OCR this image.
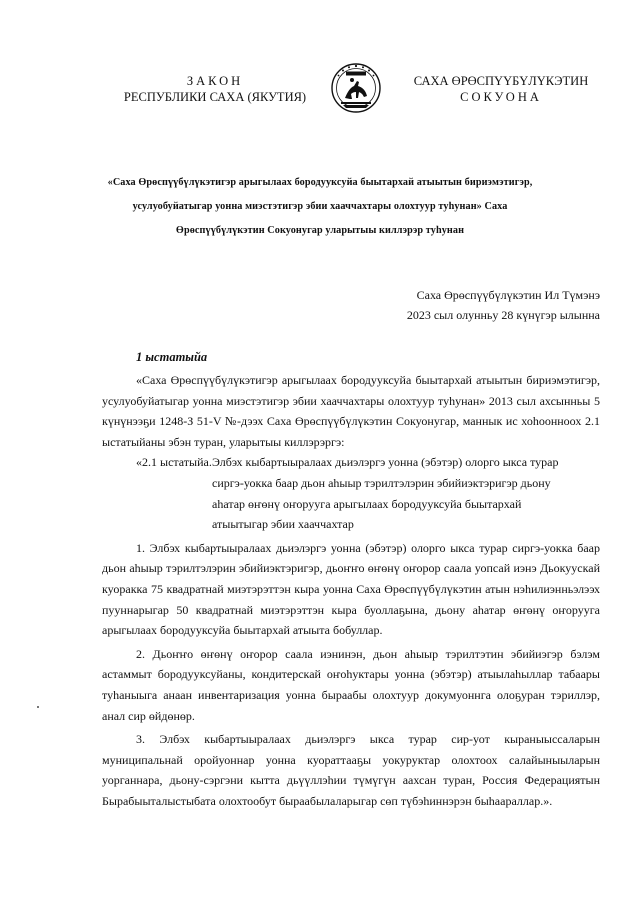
ЗАКОН
РЕСПУБЛИКИ САХА (ЯКУТИЯ)
САХА ӨРӨСПҮҮБҮЛҮКЭТИН
СОКУОНА
«Саха Өрөспүүбүлүкэтигэр арыгылаах бородууксуйа быытархай атыытын бириэмэтигэр, усулуобуйатыгар уонна миэстэтигэр эбии хааччахтары олохтуур туһунан» Саха Өрөспүүбүлүкэтин Сокуонугар уларытыы киллэрэр туһунан
Саха Өрөспүүбүлүкэтин Ил Түмэнэ
2023 сыл олунньу 28 күнүгэр ылынна
1 ыстатыйа

«Саха Өрөспүүбүлүкэтигэр арыгылаах бородууксуйа быытархай атыытын бириэмэтигэр, усулуобуйатыгар уонна миэстэтигэр эбии хааччахтары олохтуур туһунан» 2013 сыл ахсынньы 5 күнүнээҕи 1248-З 51-V №-дээх Саха Өрөспүүбүлүкэтин Сокуонугар, маннык ис хоһоонноох 2.1 ыстатыйаны эбэн туран, уларытыы киллэрэргэ:

«2.1 ыстатыйа. Элбэх кыбартыыралаах дьиэлэргэ уонна (эбэтэр) олорго ыкса турар
сиргэ-уокка баар дьон аһыыр тэрилтэлэрин эбийиэктэригэр дьону
аһатар өҥөнү оҥорууга арыгылаах бородууксуйа быытархай
атыытыгар эбии хааччахтар

1. Элбэх кыбартыыралаах дьиэлэргэ уонна (эбэтэр) олорго ыкса турар сиргэ-уокка баар дьон аһыыр тэрилтэлэрин эбийиэктэригэр, дьоҥҥо өҥөнү оҥорор саала уопсай иэнэ Дьокуускай куоракка 75 квадратнай миэтэрэттэн кыра уонна Саха Өрөспүүбүлүкэтин атын нэһилиэнньэлээх пууннарыгар 50 квадратнай миэтэрэттэн кыра буоллаҕына, дьону аһатар өҥөнү оҥорууга арыгылаах бородууксуйа быытархай атыыта бобуллар.

2. Дьоҥҥо өҥөнү оҥорор саала иэнинэн, дьон аһыыр тэрилтэтин эбийиэгэр бэлэм астаммыт бородууксуйаны, кондитерскай оҥоһуктары уонна (эбэтэр) атыылаһыллар табаары туһаныыга анаан инвентаризация уонна быраабы олохтуур докумуоннга олоҕуран тэриллэр, анал сир өйдөнөр.

3. Элбэх кыбартыыралаах дьиэлэргэ ыкса турар сир-уот кыраныыссаларын муниципальнай оройуоннар уонна куораттааҕы уокуруктар олохтоох салайыныыларын уорганнара, дьону-сэргэни кыттa дьүүллэһии түмүгүн аахсан туран, Россия Федерациятын Бырабыыталыстыбата олохтообут быраабылаларыгар сөп түбэһиннэрэн быһаараллар.».
